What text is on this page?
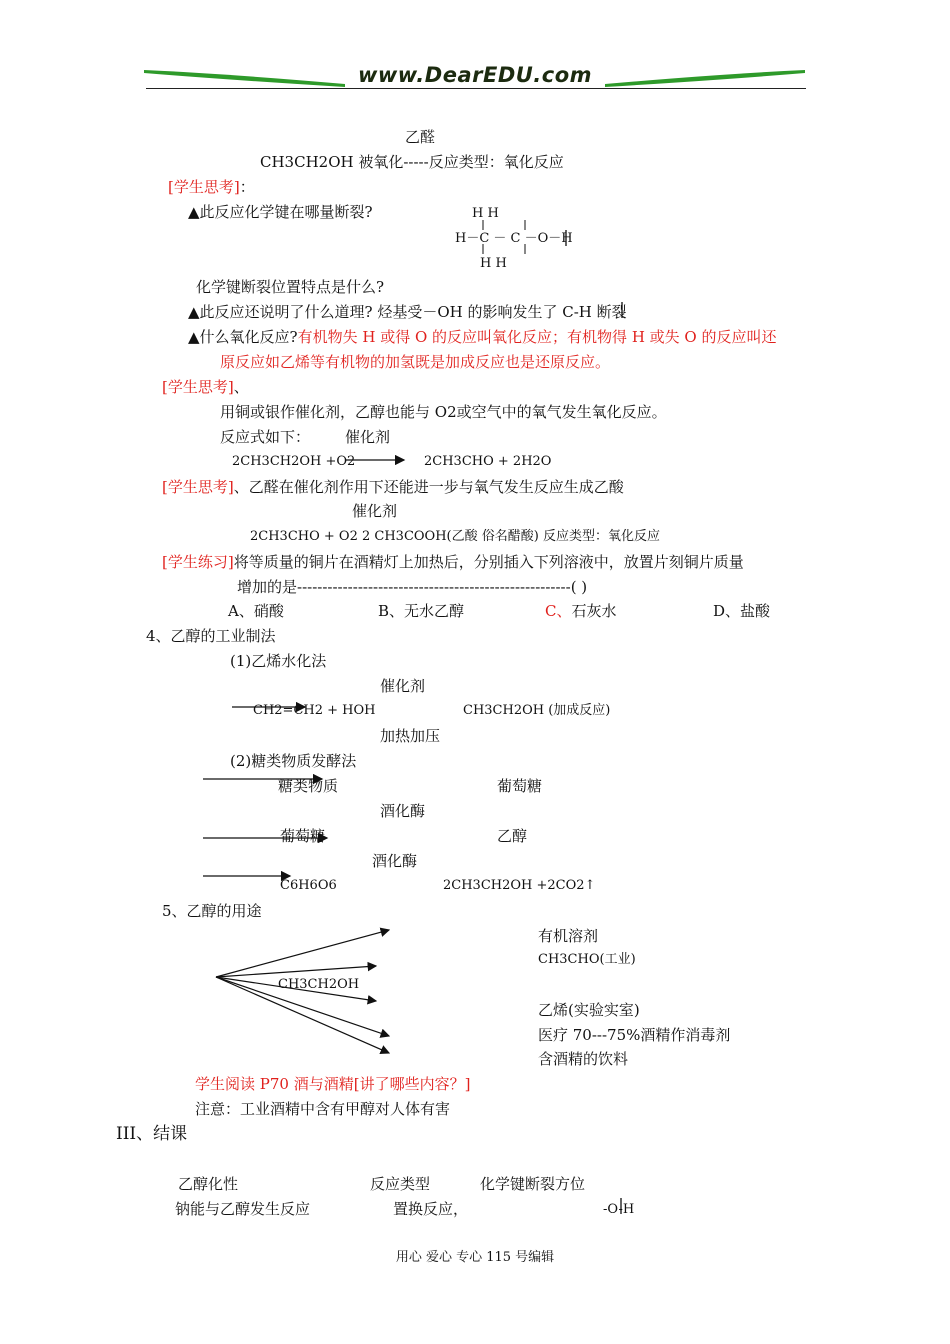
www.DearEDU.com
乙醛
CH3CH2OH 被氧化-----反应类型：氧化反应
[学生思考]：
▲此反应化学键在哪量断裂?	H H
H－C － C －O－H
H H
化学键断裂位置特点是什么?
▲此反应还说明了什么道理? 烃基受－OH 的影响发生了 C-H 断裂
▲什么氧化反应?有机物失 H 或得 O 的反应叫氧化反应；有机物得 H 或失 O 的反应叫还
原反应如乙烯等有机物的加氢既是加成反应也是还原反应。
[学生思考]、
用铜或银作催化剂，乙醇也能与 O2或空气中的氧气发生氧化反应。
反应式如下： 催化剂
2CH3CH2OH +O2	2CH3CHO + 2H2O
[学生思考]、乙醛在催化剂作用下还能进一步与氧气发生反应生成乙酸
催化剂
2CH3CHO + O2 2 CH3COOH(乙酸 俗名醋酸) 反应类型：氧化反应
[学生练习]将等质量的铜片在酒精灯上加热后，分别插入下列溶液中，放置片刻铜片质量
增加的是------------------------------------------------------( )
A、硝酸	B、无水乙醇	C、石灰水	D、盐酸
4、乙醇的工业制法
(1)乙烯水化法
催化剂
CH2=CH2 + HOH	CH3CH2OH (加成反应)
加热加压
(2)糖类物质发酵法
糖类物质	葡萄糖
酒化酶
葡萄糖	乙醇
酒化酶
C6H6O6	2CH3CH2OH +2CO2↑
5、乙醇的用途
CH3CH2OH
有机溶剂
CH3CHO(工业)
乙烯(实验实室)
医疗 70---75%酒精作消毒剂
含酒精的饮料
学生阅读 P70 酒与酒精[讲了哪些内容？]
注意：工业酒精中含有甲醇对人体有害
III、结课
乙醇化性	反应类型	化学键断裂方位
钠能与乙醇发生反应	置换反应，	-O-H
用心 爱心 专心 115 号编辑
